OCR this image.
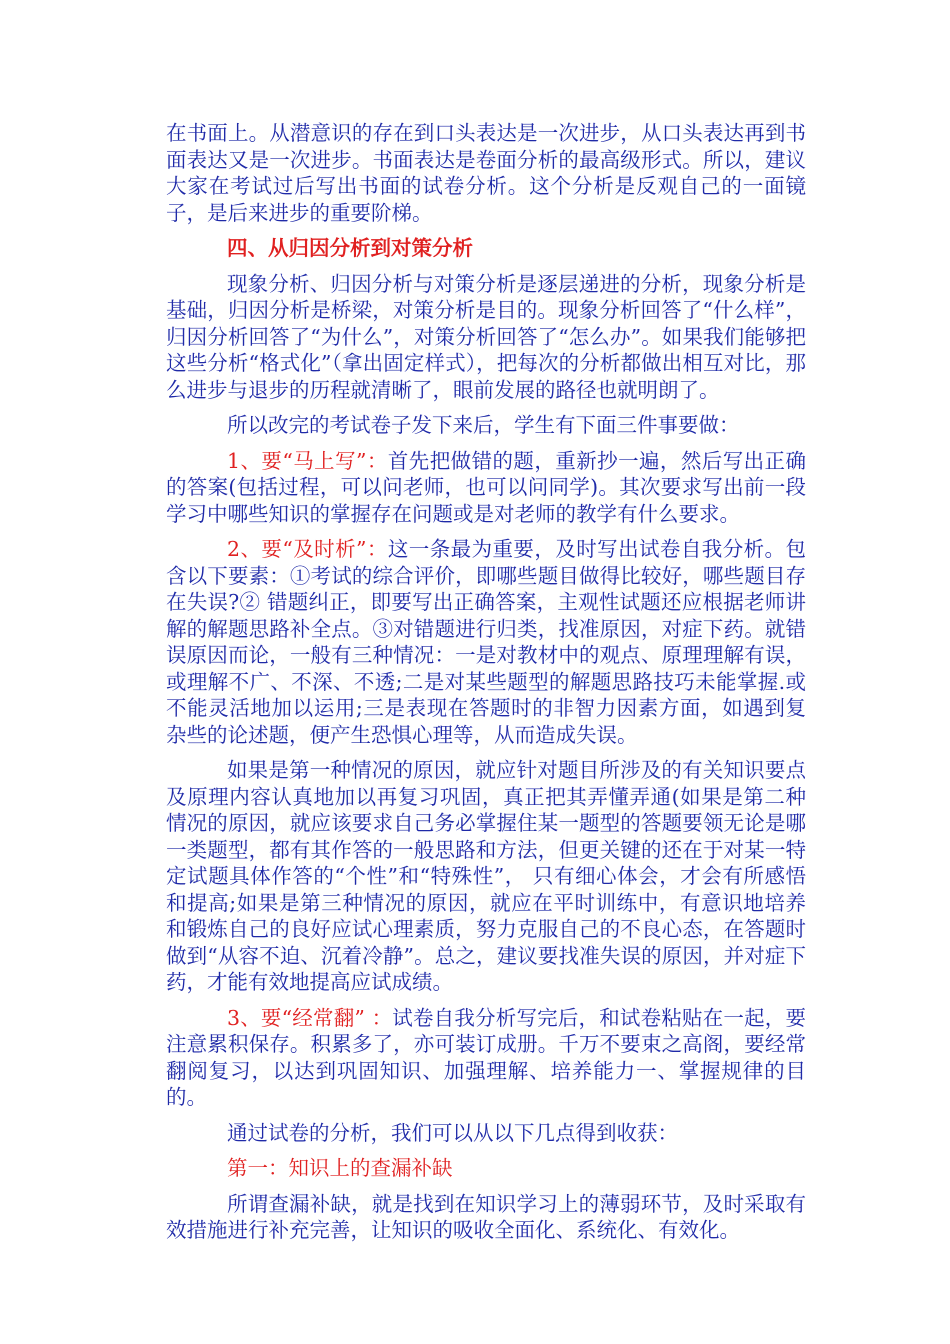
在书面上。从潜意识的存在到口头表达是一次进步，从口头表达再到书面表达又是一次进步。书面表达是卷面分析的最高级形式。所以，建议大家在考试过后写出书面的试卷分析。这个分析是反观自己的一面镜子，是后来进步的重要阶梯。

四、从归因分析到对策分析

现象分析、归因分析与对策分析是逐层递进的分析，现象分析是基础，归因分析是桥梁，对策分析是目的。现象分析回答了“什么样”，归因分析回答了“为什么”，对策分析回答了“怎么办”。如果我们能够把这些分析“格式化”（拿出固定样式），把每次的分析都做出相互对比，那么进步与退步的历程就清晰了，眼前发展的路径也就明朗了。

所以改完的考试卷子发下来后，学生有下面三件事要做：

1、要“马上写”：首先把做错的题，重新抄一遍，然后写出正确的答案(包括过程，可以问老师，也可以问同学)。其次要求写出前一段学习中哪些知识的掌握存在问题或是对老师的教学有什么要求。

2、要“及时析”：这一条最为重要，及时写出试卷自我分析。包含以下要素：①考试的综合评价，即哪些题目做得比较好，哪些题目存在失误?② 错题纠正，即要写出正确答案，主观性试题还应根据老师讲解的解题思路补全点。③对错题进行归类，找准原因，对症下药。就错误原因而论，一般有三种情况：一是对教材中的观点、原理理解有误，或理解不广、不深、不透;二是对某些题型的解题思路技巧未能掌握.或不能灵活地加以运用;三是表现在答题时的非智力因素方面，如遇到复杂些的论述题，便产生恐惧心理等，从而造成失误。

如果是第一种情况的原因，就应针对题目所涉及的有关知识要点及原理内容认真地加以再复习巩固，真正把其弄懂弄通(如果是第二种情况的原因，就应该要求自己务必掌握住某一题型的答题要领无论是哪一类题型，都有其作答的一般思路和方法，但更关键的还在于对某一特定试题具体作答的“个性”和“特殊性”， 只有细心体会，才会有所感悟和提高;如果是第三种情况的原因，就应在平时训练中，有意识地培养和锻炼自己的良好应试心理素质，努力克服自己的不良心态，在答题时做到“从容不迫、沉着冷静”。总之，建议要找准失误的原因，并对症下药，才能有效地提高应试成绩。

3、要“经常翻” ：试卷自我分析写完后，和试卷粘贴在一起，要注意累积保存。积累多了，亦可装订成册。千万不要束之高阁，要经常翻阅复习，以达到巩固知识、加强理解、培养能力一、掌握规律的目的。

通过试卷的分析，我们可以从以下几点得到收获：

第一：知识上的查漏补缺

所谓查漏补缺，就是找到在知识学习上的薄弱环节，及时采取有效措施进行补充完善，让知识的吸收全面化、系统化、有效化。
